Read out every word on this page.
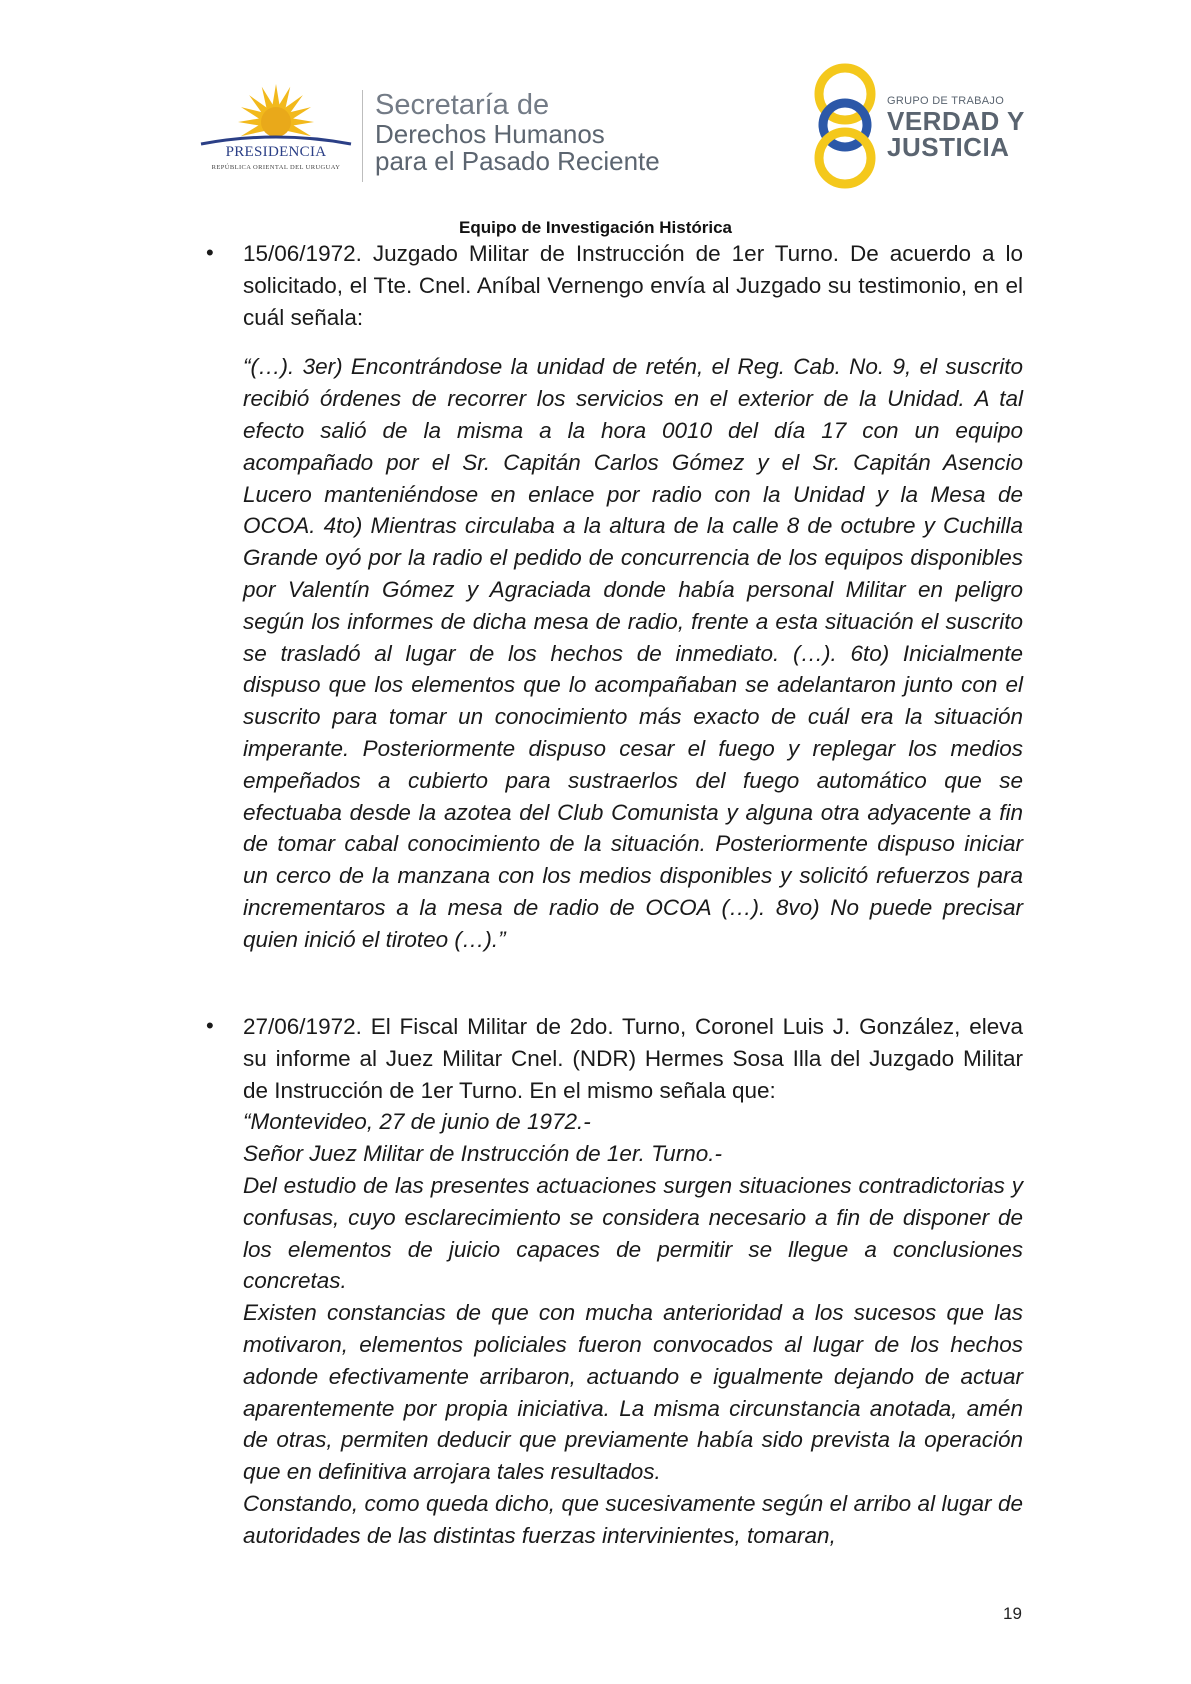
PRESIDENCIA
REPÚBLICA ORIENTAL DEL URUGUAY
Secretaría de
Derechos Humanos
para el Pasado Reciente
GRUPO DE TRABAJO
VERDAD Y
JUSTICIA
Equipo de Investigación Histórica
• 15/06/1972. Juzgado Militar de Instrucción de 1er Turno. De acuerdo a lo solicitado, el Tte. Cnel. Aníbal Vernengo envía al Juzgado su testimonio, en el cuál señala:

“(…). 3er) Encontrándose la unidad de retén, el Reg. Cab. No. 9, el suscrito recibió órdenes de recorrer los servicios en el exterior de la Unidad. A tal efecto salió de la misma a la hora 0010 del día 17 con un equipo acompañado por el Sr. Capitán Carlos Gómez y el Sr. Capitán Asencio Lucero manteniéndose en enlace por radio con la Unidad y la Mesa de OCOA. 4to) Mientras circulaba a la altura de la calle 8 de octubre y Cuchilla Grande oyó por la radio el pedido de concurrencia de los equipos disponibles por Valentín Gómez y Agraciada donde había personal Militar en peligro según los informes de dicha mesa de radio, frente a esta situación el suscrito se trasladó al lugar de los hechos de inmediato. (…). 6to) Inicialmente dispuso que los elementos que lo acompañaban se adelantaron junto con el suscrito para tomar un conocimiento más exacto de cuál era la situación imperante. Posteriormente dispuso cesar el fuego y replegar los medios empeñados a cubierto para sustraerlos del fuego automático que se efectuaba desde la azotea del Club Comunista y alguna otra adyacente a fin de tomar cabal conocimiento de la situación. Posteriormente dispuso iniciar un cerco de la manzana con los medios disponibles y solicitó refuerzos para incrementaros a la mesa de radio de OCOA (…). 8vo) No puede precisar quien inició el tiroteo (…).”

• 27/06/1972. El Fiscal Militar de 2do. Turno, Coronel Luis J. González, eleva su informe al Juez Militar Cnel. (NDR) Hermes Sosa Illa del Juzgado Militar de Instrucción de 1er Turno. En el mismo señala que:

“Montevideo, 27 de junio de 1972.-

Señor Juez Militar de Instrucción de 1er. Turno.-

Del estudio de las presentes actuaciones surgen situaciones contradictorias y confusas, cuyo esclarecimiento se considera necesario a fin de disponer de los elementos de juicio capaces de permitir se llegue a conclusiones concretas.

Existen constancias de que con mucha anterioridad a los sucesos que las motivaron, elementos policiales fueron convocados al lugar de los hechos adonde efectivamente arribaron, actuando e igualmente dejando de actuar aparentemente por propia iniciativa. La misma circunstancia anotada, amén de otras, permiten deducir que previamente había sido prevista la operación que en definitiva arrojara tales resultados.

Constando, como queda dicho, que sucesivamente según el arribo al lugar de autoridades de las distintas fuerzas intervinientes, tomaran,

19
